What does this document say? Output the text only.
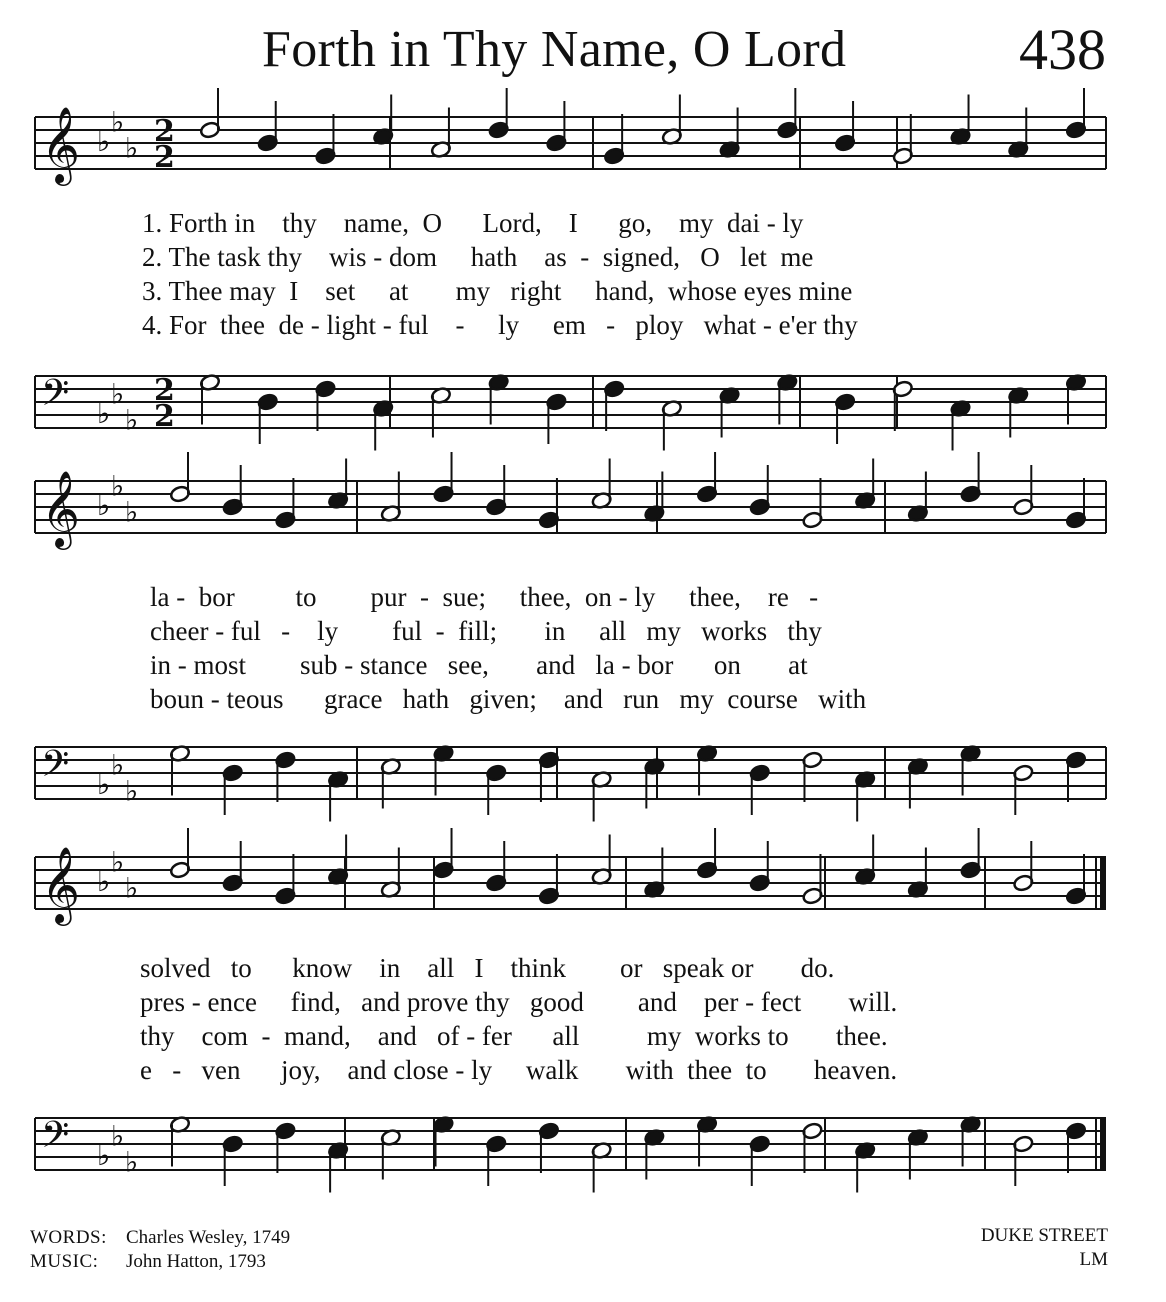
Forth in Thy Name, O Lord	438
𝄞 ♭
♭
♭
𝄢 ♭
♭
♭
2
2
2
2
𝄞 ♭
♭
♭
𝄢 ♭
♭
♭
𝄞 ♭
♭
♭
𝄢 ♭
♭
♭
1. Forth in    thy    name,  O      Lord,    I      go,    my  dai - ly
2. The task thy    wis - dom     hath    as  -  signed,   O   let  me
3. Thee may  I    set     at       my   right     hand,  whose eyes mine
4. For  thee  de - light - ful    -     ly     em   -   ploy   what - e'er thy
la -  bor         to        pur  -  sue;     thee,  on - ly     thee,    re   -
cheer - ful   -    ly        ful  -  fill;       in     all   my   works   thy
in - most        sub - stance   see,       and   la - bor      on       at
boun - teous      grace   hath   given;    and   run   my  course   with
solved   to      know    in    all   I    think        or   speak or       do.
pres - ence     find,   and prove thy   good        and    per - fect       will.
thy    com  -  mand,    and   of - fer      all          my  works to       thee.
e   -   ven      joy,    and close - ly     walk       with  thee  to       heaven.
WORDS: Charles Wesley, 1749
MUSIC: John Hatton, 1793
DUKE STREET
LM
